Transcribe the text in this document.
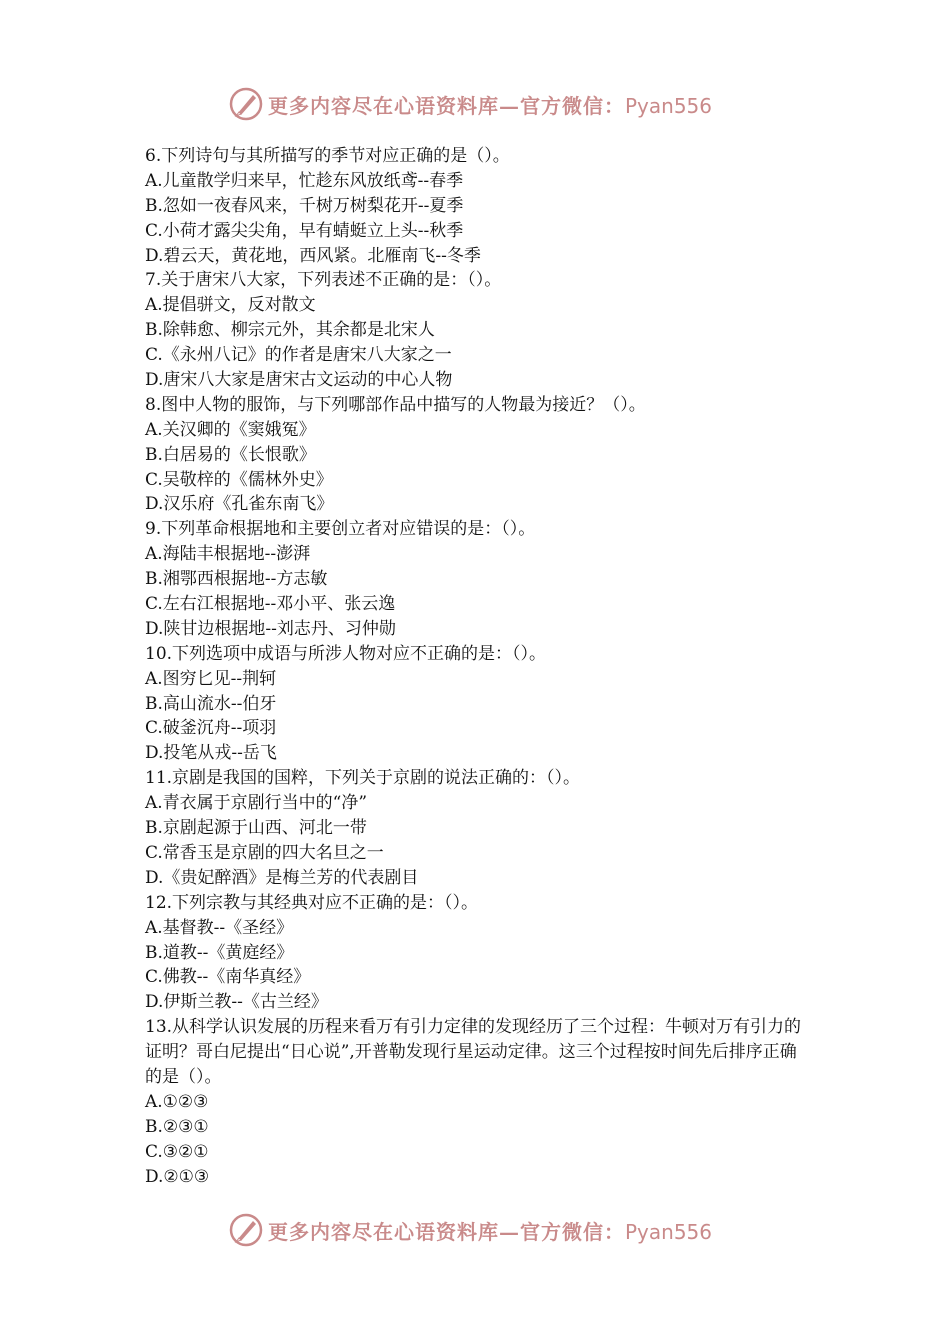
更多内容尽在心语资料库—官方微信：Pyan556
6.下列诗句与其所描写的季节对应正确的是（）。
A.儿童散学归来早，忙趁东风放纸鸢--春季
B.忽如一夜春风来，千树万树梨花开--夏季
C.小荷才露尖尖角，早有蜻蜓立上头--秋季
D.碧云天，黄花地，西风紧。北雁南飞--冬季
7.关于唐宋八大家，下列表述不正确的是：（）。
A.提倡骈文，反对散文
B.除韩愈、柳宗元外，其余都是北宋人
C.《永州八记》的作者是唐宋八大家之一
D.唐宋八大家是唐宋古文运动的中心人物
8.图中人物的服饰，与下列哪部作品中描写的人物最为接近？（）。
A.关汉卿的《窦娥冤》
B.白居易的《长恨歌》
C.吴敬梓的《儒林外史》
D.汉乐府《孔雀东南飞》
9.下列革命根据地和主要创立者对应错误的是：（）。
A.海陆丰根据地--澎湃
B.湘鄂西根据地--方志敏
C.左右江根据地--邓小平、张云逸
D.陕甘边根据地--刘志丹、习仲勋
10.下列选项中成语与所涉人物对应不正确的是：（）。
A.图穷匕见--荆轲
B.高山流水--伯牙
C.破釜沉舟--项羽
D.投笔从戎--岳飞
11.京剧是我国的国粹，下列关于京剧的说法正确的：（）。
A.青衣属于京剧行当中的“净”
B.京剧起源于山西、河北一带
C.常香玉是京剧的四大名旦之一
D.《贵妃醉酒》是梅兰芳的代表剧目
12.下列宗教与其经典对应不正确的是：（）。
A.基督教--《圣经》
B.道教--《黄庭经》
C.佛教--《南华真经》
D.伊斯兰教--《古兰经》
13.从科学认识发展的历程来看万有引力定律的发现经历了三个过程：牛顿对万有引力的证明？哥白尼提出“日心说”,开普勒发现行星运动定律。这三个过程按时间先后排序正确的是（）。
A.①②③
B.②③①
C.③②①
D.②①③
更多内容尽在心语资料库—官方微信：Pyan556
